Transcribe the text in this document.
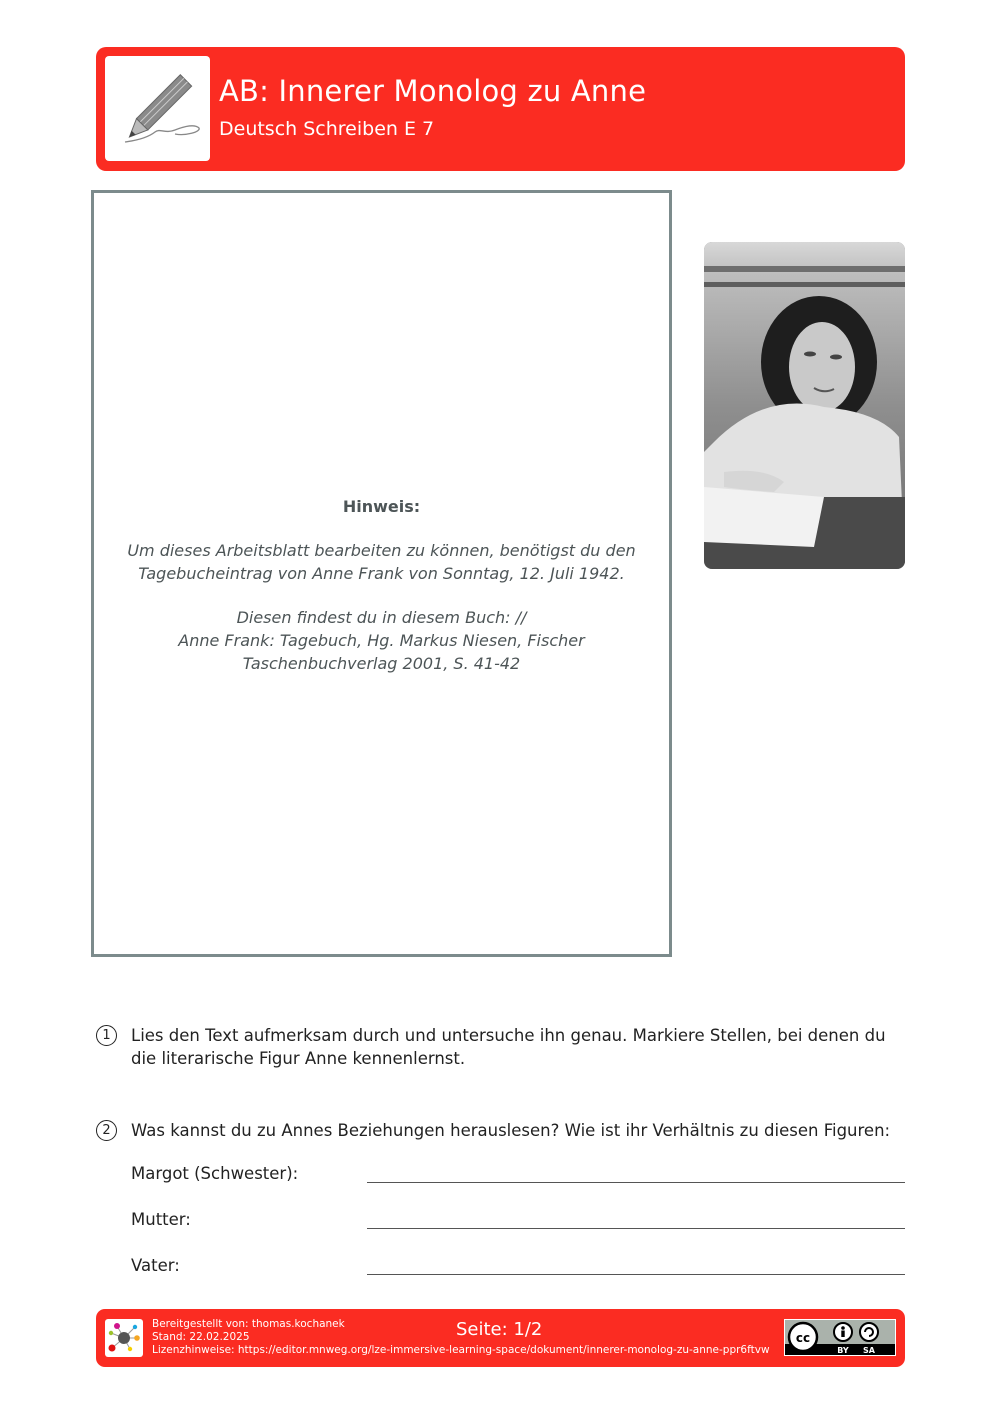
AB: Innerer Monolog zu Anne
Deutsch Schreiben E 7
Hinweis:
Um dieses Arbeitsblatt bearbeiten zu können, benötigst du den
Tagebucheintrag von Anne Frank von Sonntag, 12. Juli 1942.
Diesen findest du in diesem Buch: //
Anne Frank: Tagebuch, Hg. Markus Niesen, Fischer
Taschenbuchverlag 2001, S. 41-42
1	Lies den Text aufmerksam durch und untersuche ihn genau. Markiere Stellen, bei denen du
die literarische Figur Anne kennenlernst.
2	Was kannst du zu Annes Beziehungen herauslesen? Wie ist ihr Verhältnis zu diesen Figuren:
Margot (Schwester):
Mutter:
Vater:
Bereitgestellt von: thomas.kochanek
Stand: 22.02.2025
Lizenzhinweise: https://editor.mnweg.org/lze-immersive-learning-space/dokument/innerer-monolog-zu-anne-ppr6ftvw
Seite: 1/2	cc
BY SA
